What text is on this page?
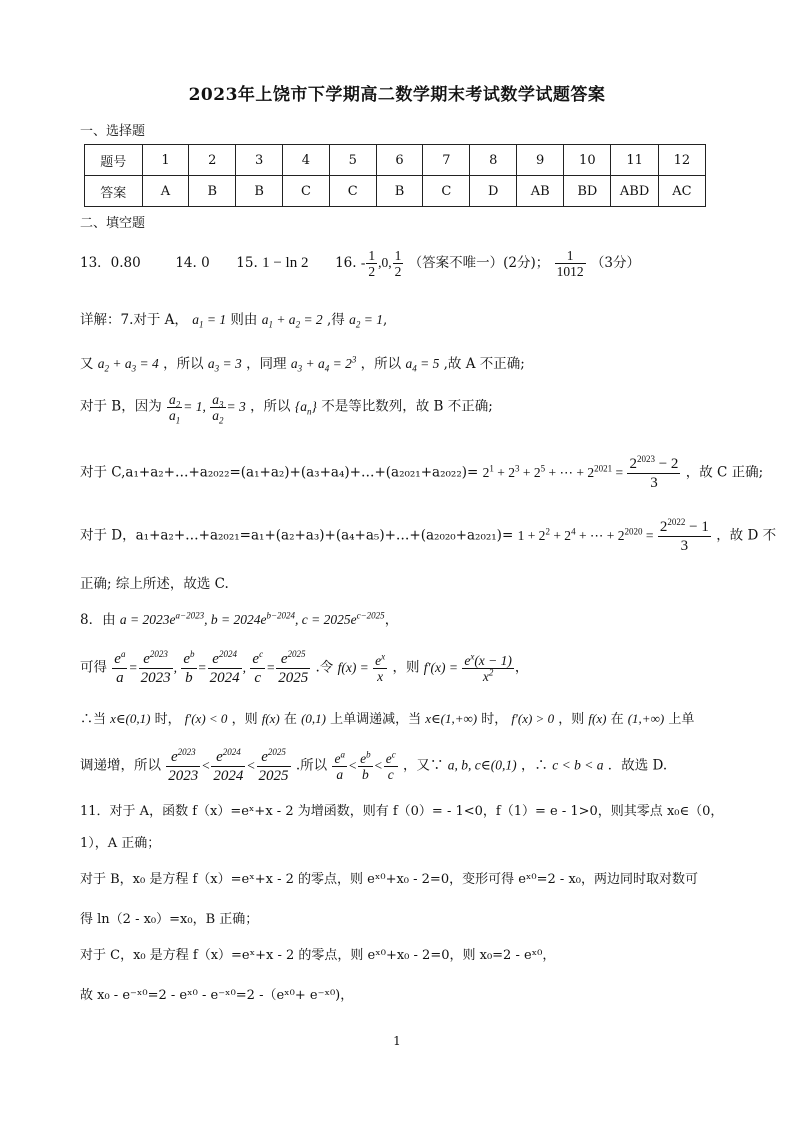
2023年上饶市下学期高二数学期末考试数学试题答案
一、选择题
题号	1	2	3	4	5	6	7	8	9	10	11	12
答案	A	B	B	C	C	B	C	D	AB	BD	ABD	AC
二、填空题
13．0.80	14. 0 15. 1 − ln 2 16. - $\frac{1}{2} ,0$, $\frac{1}{2}$ （答案不唯一）(2分)； $\frac{1}{1012} (3$分）
详解：7.对于 A， $a_1 = 1$ 则由 $a_1 + a_2 = 2$ ,得 $a_2 = 1$,
又 $a_2 + a_3 = 4$ ，所以 $a_3 = 3$ ，同理 $a_3 + a_4 = 2^3$ ，所以 $a_4 = 5$ ,故 A 不正确;
对于 B，因为 $\frac{a_2}{a_1} = 1$, $\frac{a_3}{a_2} = 3$ ，所以 $\{a_n\}$ 不是等比数列，故 B 不正确;
对于 C,a₁+a₂+…+a₂₀₂₂=(a₁+a₂)+(a₃+a₄)+…+(a₂₀₂₁+a₂₀₂₂)= $2^1 + 2^3 + 2^5$ + ⋯ + $2^{2021} = \frac{2^{2023} - 2}{3}$ ，故 C 正确;
对于 D，a₁+a₂+…+a₂₀₂₁=a₁+(a₂+a₃)+(a₄+a₅)+…+(a₂₀₂₀+a₂₀₂₁)= $1 + 2^2 + 2^4$ + ⋯ + $2^{2020} = \frac{2^{2022} - 1}{3}$ ，故 D 不
正确; 综上所述，故选 C.
8．由 $a = 2023e^{a-2023}$, $b = 2024e^{b-2024}$, $c = 2025e^{c-2025}$，
可得 $\frac{e^a}{a} = \frac{e^{2023}}{2023}$ , $\frac{e^b}{b} = \frac{e^{2024}}{2024}$ , $\frac{e^c}{c} = \frac{e^{2025}}{2025}$ .令 $f(x) = \frac{e^x}{x}$ ，则 $f'(x) = \frac{e^x(x - 1)}{x^2}$ ，
∴当 x∈(0,1) 时， f′(x) < 0 ，则 f(x) 在 (0,1) 上单调递减，当 x∈(1,+∞) 时， f′(x) > 0 ，则 f(x) 在 (1,+∞) 上单
调递增，所以 $\frac{e^{2023}}{2023} < \frac{e^{2024}}{2024} < \frac{e^{2025}}{2025}$ .所以 $\frac{e^a}{a} < \frac{e^b}{b} < \frac{e^c}{c}$ ，又∵ a, b, c∈(0,1) ，∴ c < b < a ．故选 D.
11．对于 A，函数 f（x）=eˣ+x - 2 为增函数，则有 f（0）= - 1<0，f（1）= e - 1>0，则其零点 x₀∈（0，
1），A 正确；
对于 B，x₀ 是方程 f（x）=eˣ+x - 2 的零点，则 eˣ⁰+x₀ - 2=0，变形可得 eˣ⁰=2 - x₀，两边同时取对数可
得 ln（2 - x₀）=x₀，B 正确；
对于 C，x₀ 是方程 f（x）=eˣ+x - 2 的零点，则 eˣ⁰+x₀ - 2=0，则 x₀=2 - eˣ⁰，
故 x₀ - e⁻ˣ⁰=2 - eˣ⁰ - e⁻ˣ⁰=2 -（eˣ⁰+ e⁻ˣ⁰)，
1
